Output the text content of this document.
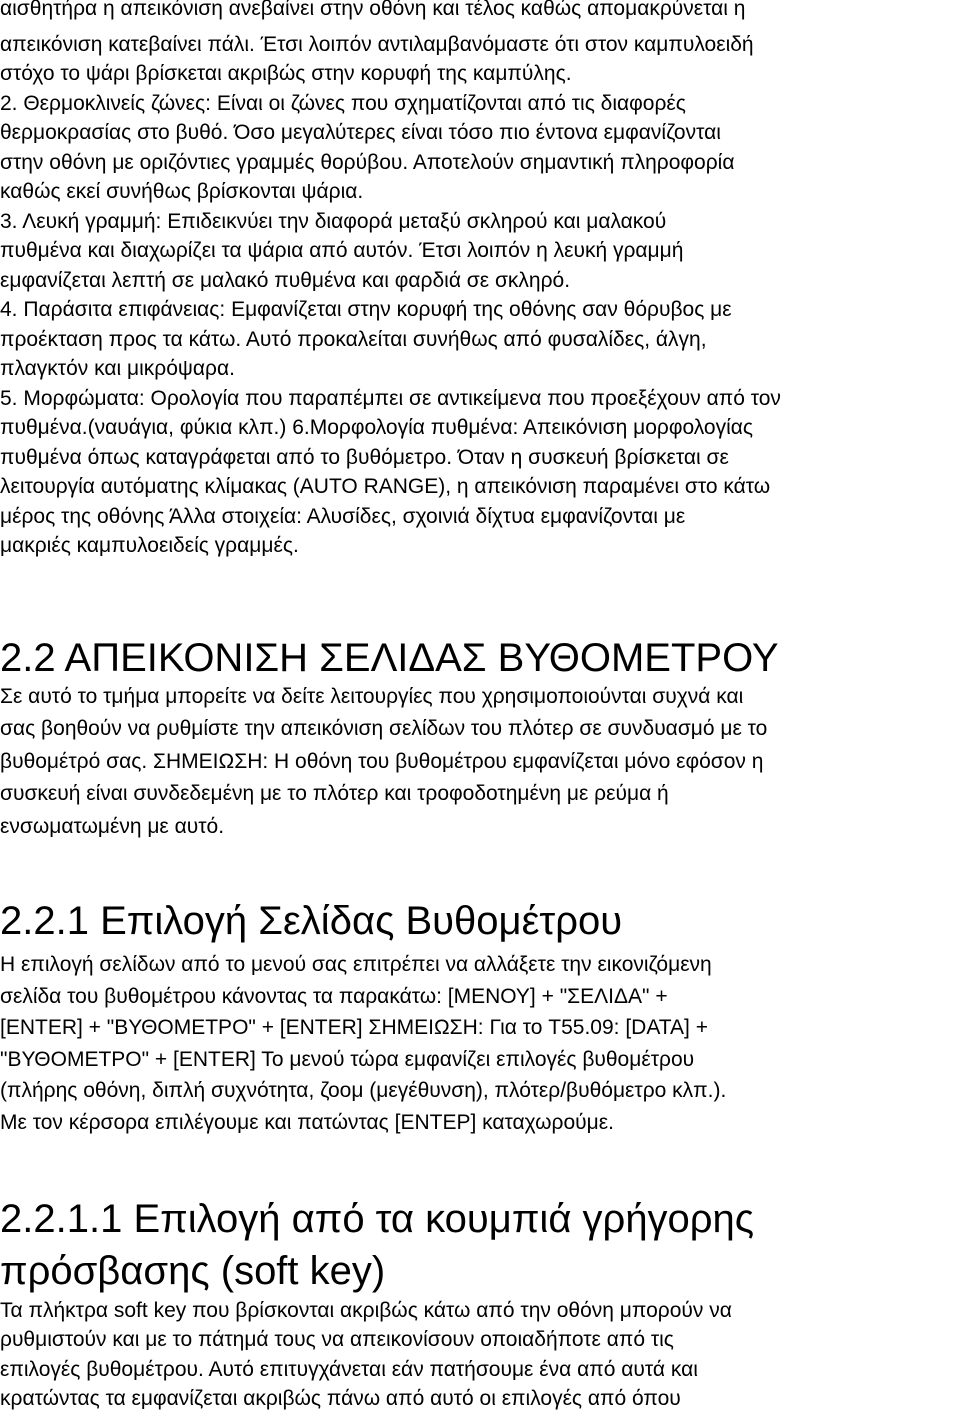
αισθητήρα η απεικόνιση ανεβαίνει στην οθόνη και τέλος καθώς απομακρύνεται η

απεικόνιση κατεβαίνει πάλι. Έτσι λοιπόν αντιλαμβανόμαστε ότι στον καμπυλοειδή

στόχο το ψάρι βρίσκεται ακριβώς στην κορυφή της καμπύλης.

2. Θερμοκλινείς ζώνες: Είναι οι ζώνες που σχηματίζονται από τις διαφορές

θερμοκρασίας στο βυθό. Όσο μεγαλύτερες είναι τόσο πιο έντονα εμφανίζονται

στην οθόνη με οριζόντιες γραμμές θορύβου. Αποτελούν σημαντική πληροφορία

καθώς εκεί συνήθως βρίσκονται ψάρια.

3. Λευκή γραμμή: Επιδεικνύει την διαφορά μεταξύ σκληρού και μαλακού

πυθμένα και διαχωρίζει τα ψάρια από αυτόν. Έτσι λοιπόν η λευκή γραμμή

εμφανίζεται λεπτή σε μαλακό πυθμένα και φαρδιά σε σκληρό.

4. Παράσιτα επιφάνειας: Εμφανίζεται στην κορυφή της οθόνης σαν θόρυβος με

προέκταση προς τα κάτω. Αυτό προκαλείται συνήθως από φυσαλίδες, άλγη,

πλαγκτόν και μικρόψαρα.

5. Μορφώματα: Ορολογία που παραπέμπει σε αντικείμενα που προεξέχουν από τον

πυθμένα.(ναυάγια, φύκια κλπ.) 6.Μορφολογία πυθμένα: Απεικόνιση μορφολογίας

πυθμένα όπως καταγράφεται από το βυθόμετρο. Όταν η συσκευή βρίσκεται σε

λειτουργία αυτόματης κλίμακας (AUTO RANGE), η απεικόνιση παραμένει στο κάτω

μέρος της οθόνης Άλλα στοιχεία: Αλυσίδες, σχοινιά δίχτυα εμφανίζονται με

μακριές καμπυλοειδείς γραμμές.

2.2 ΑΠΕΙΚΟΝΙΣΗ ΣΕΛΙΔΑΣ ΒΥΘΟΜΕΤΡΟΥ

Σε αυτό το τμήμα μπορείτε να δείτε λειτουργίες που χρησιμοποιούνται συχνά και

σας βοηθούν να ρυθμίστε την απεικόνιση σελίδων του πλότερ σε συνδυασμό με το

βυθομέτρό σας. ΣΗΜΕΙΩΣΗ: Η οθόνη του βυθομέτρου εμφανίζεται μόνο εφόσον η

συσκευή είναι συνδεδεμένη με το πλότερ και τροφοδοτημένη με ρεύμα ή

ενσωματωμένη με αυτό.

2.2.1 Επιλογή Σελίδας Βυθομέτρου

Η επιλογή σελίδων από το μενού σας επιτρέπει να αλλάξετε την εικονιζόμενη

σελίδα του βυθομέτρου κάνοντας τα παρακάτω: [ΜΕΝΟΥ] + "ΣΕΛΙΔΑ" +

[ENTER] + "ΒΥΘΟΜΕΤΡΟ" + [ENTER] ΣΗΜΕΙΩΣΗ: Για το T55.09: [DATA] +

"ΒΥΘΟΜΕΤΡΟ" + [ENTER] Το μενού τώρα εμφανίζει επιλογές βυθομέτρου

(πλήρης οθόνη, διπλή συχνότητα, ζοομ (μεγέθυνση), πλότερ/βυθόμετρο κλπ.).

Με τον κέρσορα επιλέγουμε και πατώντας [ΕΝΤΕΡ] καταχωρούμε.

2.2.1.1 Επιλογή από τα κουμπιά γρήγορης
πρόσβασης (soft key)

Τα πλήκτρα soft key που βρίσκονται ακριβώς κάτω από την οθόνη μπορούν να

ρυθμιστούν και με το πάτημά τους να απεικονίσουν οποιαδήποτε από τις

επιλογές βυθομέτρου. Αυτό επιτυγχάνεται εάν πατήσουμε ένα από αυτά και

κρατώντας τα εμφανίζεται ακριβώς πάνω από αυτό οι επιλογές από όπου
